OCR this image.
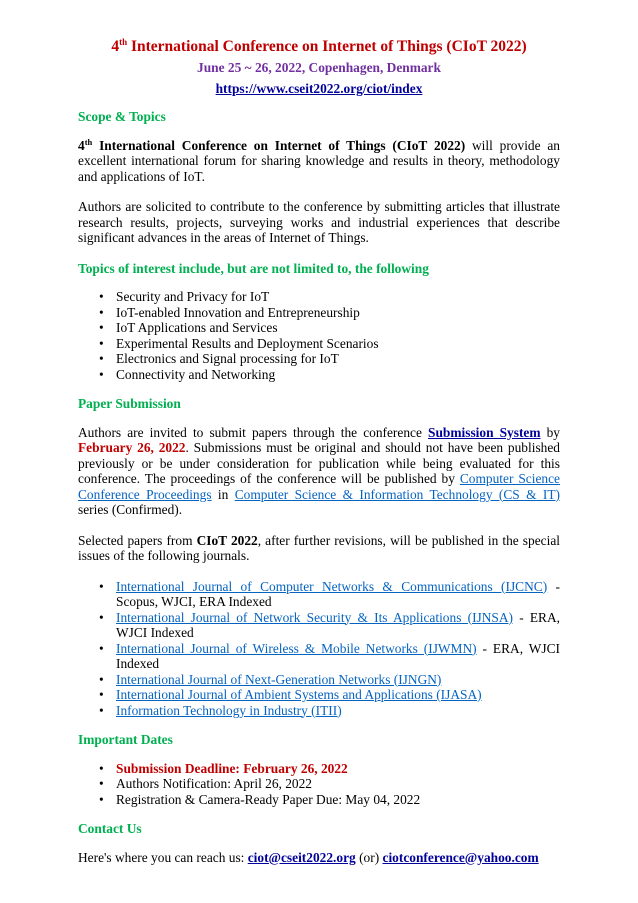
4th International Conference on Internet of Things (CIoT 2022)
June 25 ~ 26, 2022, Copenhagen, Denmark
https://www.cseit2022.org/ciot/index
Scope & Topics

4th International Conference on Internet of Things (CIoT 2022) will provide an excellent international forum for sharing knowledge and results in theory, methodology and applications of IoT.

Authors are solicited to contribute to the conference by submitting articles that illustrate research results, projects, surveying works and industrial experiences that describe significant advances in the areas of Internet of Things.

Topics of interest include, but are not limited to, the following
• Security and Privacy for IoT
• IoT-enabled Innovation and Entrepreneurship
• IoT Applications and Services
• Experimental Results and Deployment Scenarios
• Electronics and Signal processing for IoT
• Connectivity and Networking
Paper Submission

Authors are invited to submit papers through the conference Submission System by February 26, 2022. Submissions must be original and should not have been published previously or be under consideration for publication while being evaluated for this conference. The proceedings of the conference will be published by Computer Science Conference Proceedings in Computer Science & Information Technology (CS & IT) series (Confirmed).

Selected papers from CIoT 2022, after further revisions, will be published in the special issues of the following journals.

• International Journal of Computer Networks & Communications (IJCNC) - Scopus, WJCI, ERA Indexed
• International Journal of Network Security & Its Applications (IJNSA) - ERA, WJCI Indexed
• International Journal of Wireless & Mobile Networks (IJWMN) - ERA, WJCI Indexed
• International Journal of Next-Generation Networks (IJNGN)
• International Journal of Ambient Systems and Applications (IJASA)
• Information Technology in Industry (ITII)
Important Dates
• Submission Deadline: February 26, 2022
• Authors Notification: April 26, 2022
• Registration & Camera-Ready Paper Due: May 04, 2022
Contact Us

Here's where you can reach us: ciot@cseit2022.org (or) ciotconference@yahoo.com
